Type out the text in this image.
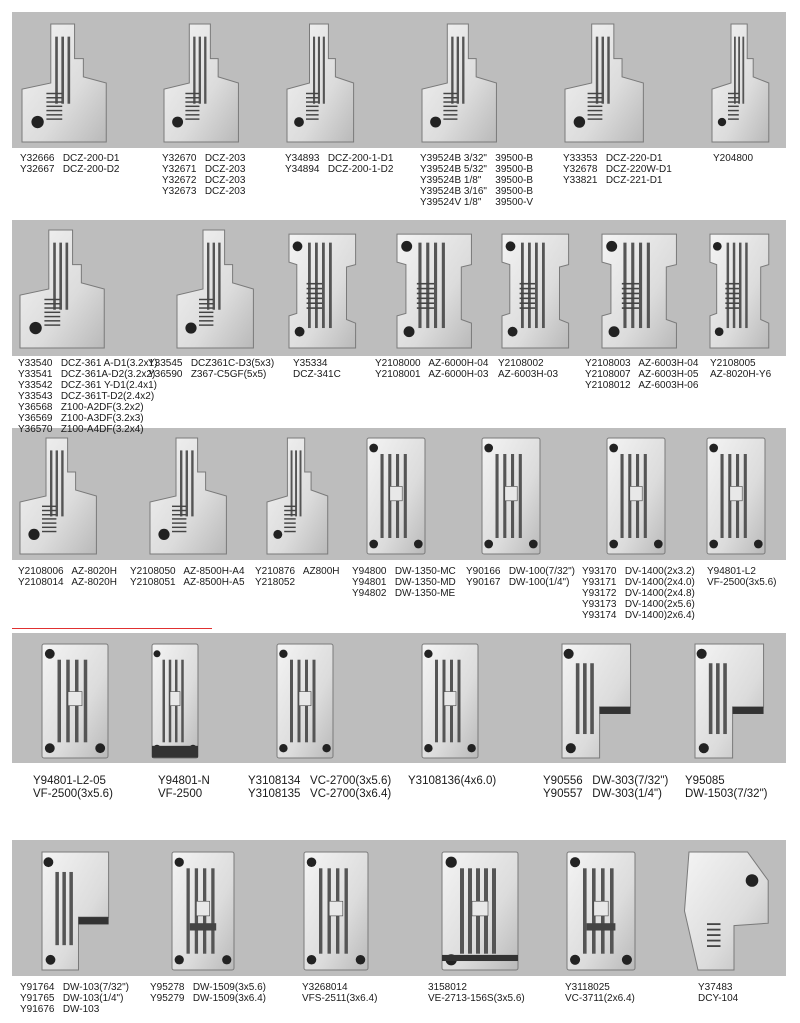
Y32666   DCZ-200-D1
Y32667   DCZ-200-D2
Y32670   DCZ-203
Y32671   DCZ-203
Y32672   DCZ-203
Y32673   DCZ-203
Y34893   DCZ-200-1-D1
Y34894   DCZ-200-1-D2
Y39524B 3/32"   39500-B
Y39524B 5/32"   39500-B
Y39524B 1/8"     39500-B
Y39524B 3/16"   39500-B
Y39524V 1/8"     39500-V
Y33353   DCZ-220-D1
Y32678   DCZ-220W-D1
Y33821   DCZ-221-D1
Y204800
Y33540   DCZ-361 A-D1(3.2x1)
Y33541   DCZ-361A-D2(3.2x2)
Y33542   DCZ-361 Y-D1(2.4x1)
Y33543   DCZ-361T-D2(2.4x2)
Y36568   Z100-A2DF(3.2x2)
Y36569   Z100-A3DF(3.2x3)
Y36570   Z100-A4DF(3.2x4)
Y33545   DCZ361C-D3(5x3)
Y36590   Z367-C5GF(5x5)
Y35334
DCZ-341C
Y2108000   AZ-6000H-04
Y2108001   AZ-6000H-03
Y2108002
AZ-6003H-03
Y2108003   AZ-6003H-04
Y2108007   AZ-6003H-05
Y2108012   AZ-6003H-06
Y2108005
AZ-8020H-Y6
Y2108006   AZ-8020H
Y2108014   AZ-8020H
Y2108050   AZ-8500H-A4
Y2108051   AZ-8500H-A5
Y210876   AZ800H
Y218052
Y94800   DW-1350-MC
Y94801   DW-1350-MD
Y94802   DW-1350-ME
Y90166   DW-100(7/32")
Y90167   DW-100(1/4")
Y93170   DV-1400(2x3.2)
Y93171   DV-1400(2x4.0)
Y93172   DV-1400(2x4.8)
Y93173   DV-1400(2x5.6)
Y93174   DV-1400)2x6.4)
Y94801-L2
VF-2500(3x5.6)
Y94801-L2-05
VF-2500(3x5.6)
Y94801-N
VF-2500
Y3108134   VC-2700(3x5.6)
Y3108135   VC-2700(3x6.4)
Y3108136(4x6.0)	Y90556   DW-303(7/32")
Y90557   DW-303(1/4")
Y95085
DW-1503(7/32")
Y91764   DW-103(7/32")
Y91765   DW-103(1/4")
Y91676   DW-103
Y95278   DW-1509(3x5.6)
Y95279   DW-1509(3x6.4)
Y3268014
VFS-2511(3x6.4)
3158012
VE-2713-156S(3x5.6)
Y3118025
VC-3711(2x6.4)
Y37483
DCY-104
